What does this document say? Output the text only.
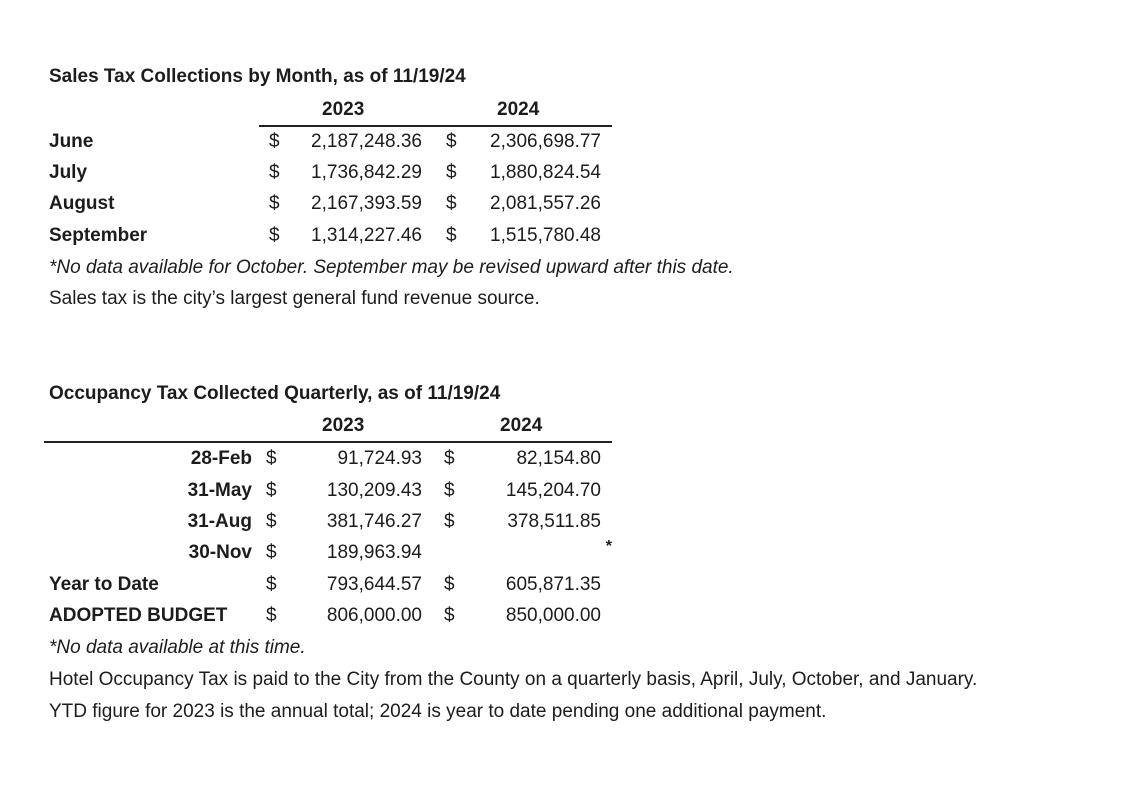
Sales Tax Collections by Month, as of 11/19/24
2023	2024
June	$	2,187,248.36 $	2,306,698.77
July	$	1,736,842.29 $	1,880,824.54
August	$	2,167,393.59 $	2,081,557.26
September	$	1,314,227.46 $	1,515,780.48
*No data available for October. September may be revised upward after this date.
Sales tax is the city’s largest general fund revenue source.
Occupancy Tax Collected Quarterly, as of 11/19/24
2023	2024
28-Feb $	91,724.93 $	82,154.80
31-May $	130,209.43 $	145,204.70
31-Aug $	381,746.27 $	378,511.85
30-Nov $	189,963.94	*
Year to Date	$	793,644.57 $	605,871.35
ADOPTED BUDGET $	806,000.00 $	850,000.00
*No data available at this time.
Hotel Occupancy Tax is paid to the City from the County on a quarterly basis, April, July, October, and January.
YTD figure for 2023 is the annual total; 2024 is year to date pending one additional payment.
